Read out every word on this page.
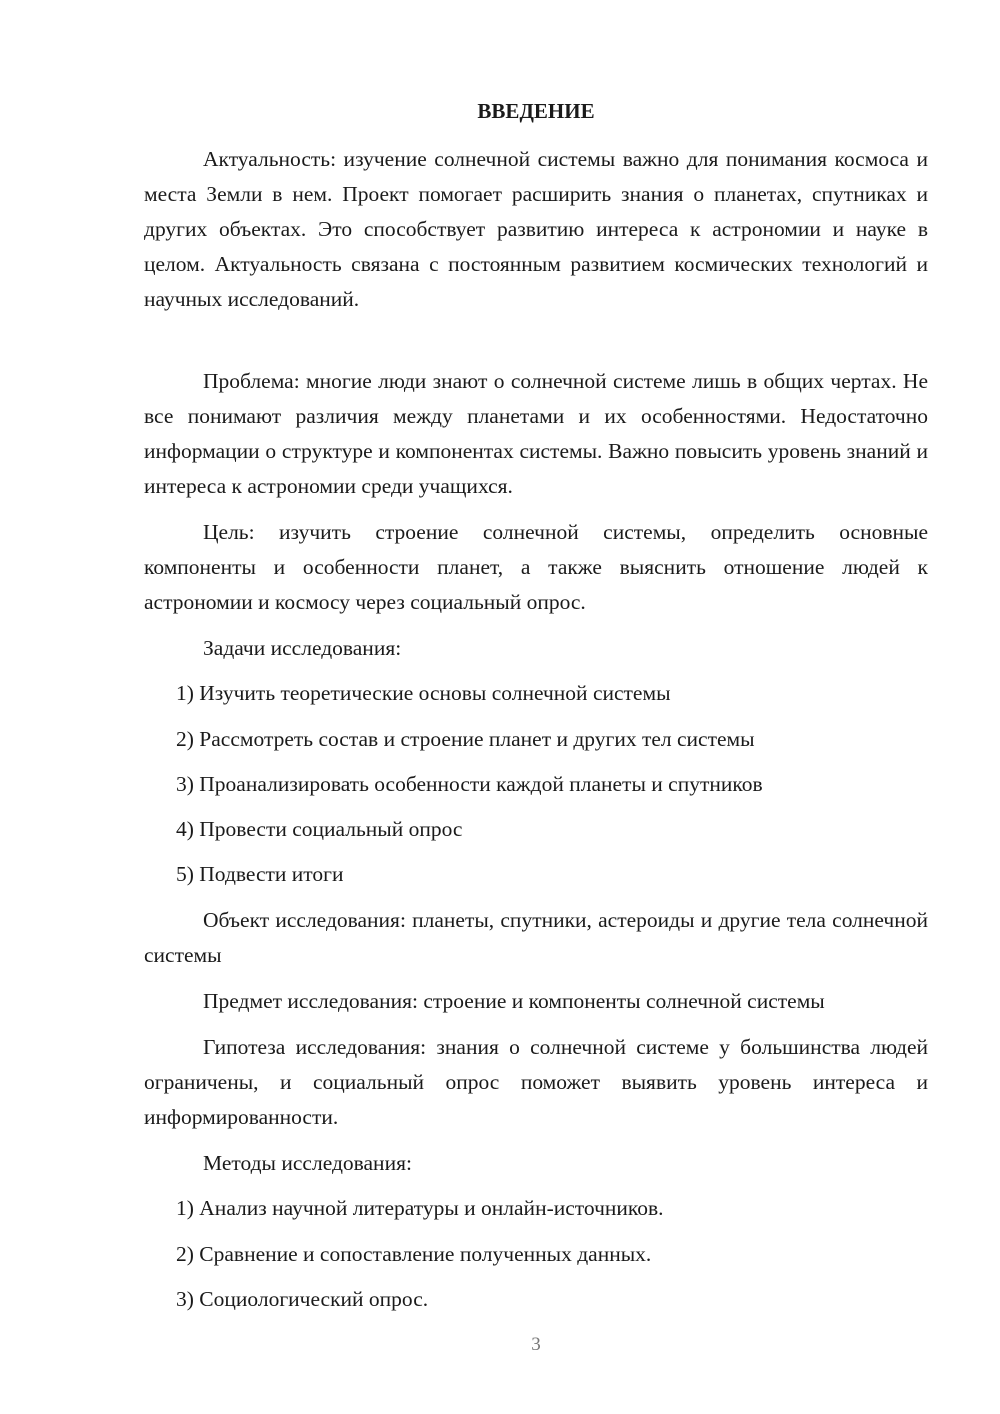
ВВЕДЕНИЕ

Актуальность: изучение солнечной системы важно для понимания космоса и места Земли в нем. Проект помогает расширить знания о планетах, спутниках и других объектах. Это способствует развитию интереса к астрономии и науке в целом. Актуальность связана с постоянным развитием космических технологий и научных исследований.

Проблема: многие люди знают о солнечной системе лишь в общих чертах. Не все понимают различия между планетами и их особенностями. Недостаточно информации о структуре и компонентах системы. Важно повысить уровень знаний и интереса к астрономии среди учащихся.

Цель: изучить строение солнечной системы, определить основные компоненты и особенности планет, а также выяснить отношение людей к астрономии и космосу через социальный опрос.

Задачи исследования:

1) Изучить теоретические основы солнечной системы

2) Рассмотреть состав и строение планет и других тел системы

3) Проанализировать особенности каждой планеты и спутников

4) Провести социальный опрос

5) Подвести итоги

Объект исследования: планеты, спутники, астероиды и другие тела солнечной системы

Предмет исследования: строение и компоненты солнечной системы

Гипотеза исследования: знания о солнечной системе у большинства людей ограничены, и социальный опрос поможет выявить уровень интереса и информированности.

Методы исследования:

1) Анализ научной литературы и онлайн-источников.

2) Сравнение и сопоставление полученных данных.

3) Социологический опрос.

3
